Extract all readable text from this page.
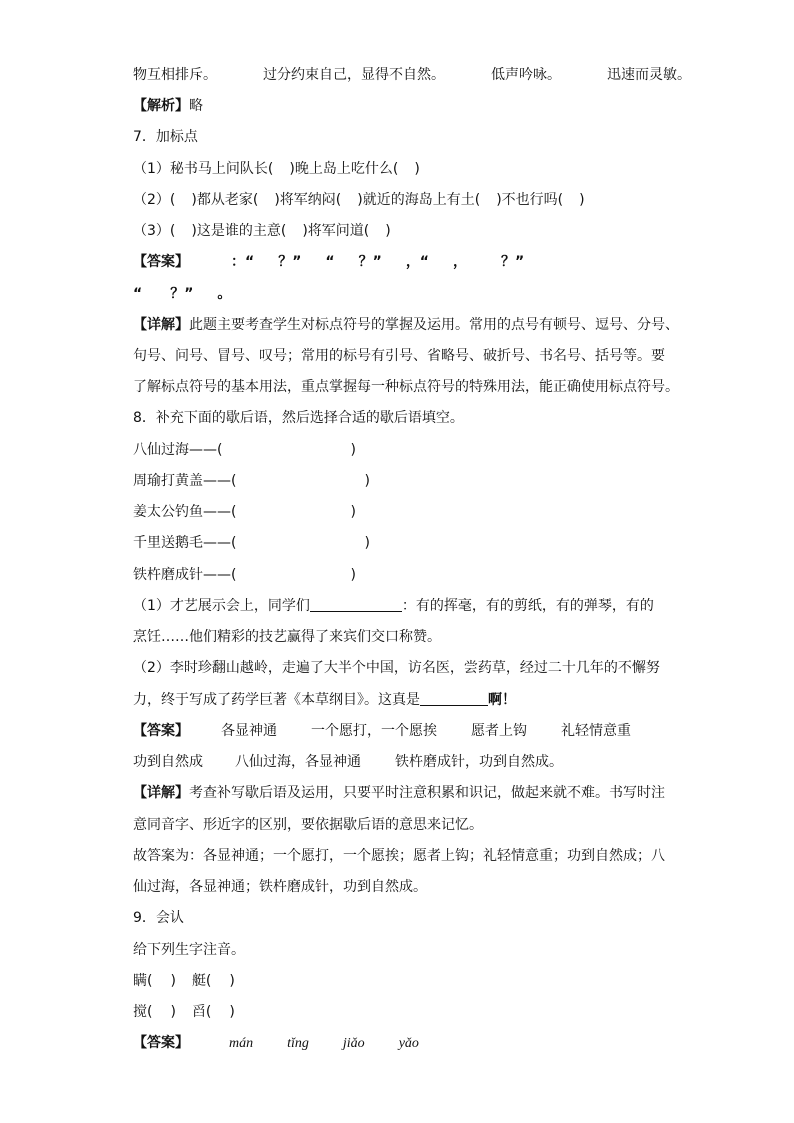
物互相排斥。	过分约束自己，显得不自然。	低声吟咏。	迅速而灵敏。
【解析】略
7．加标点
（1）秘书马上问队长( )晚上岛上吃什么( )
（2）( )都从老家( )将军纳闷( )就近的海岛上有土( )不也行吗( )
（3）( )这是谁的主意( )将军问道( )
【答案】	：“ ？” “ ？” ，“ ， ？”
“ ？” 。
【详解】此题主要考查学生对标点符号的掌握及运用。常用的点号有顿号、逗号、分号、
句号、问号、冒号、叹号；常用的标号有引号、省略号、破折号、书名号、括号等。要
了解标点符号的基本用法，重点掌握每一种标点符号的特殊用法，能正确使用标点符号。
8．补充下面的歇后语，然后选择合适的歇后语填空。
八仙过海——(	)
周瑜打黄盖——(	)
姜太公钓鱼——(	)
千里送鹅毛——(	)
铁杵磨成针——(	)
（1）才艺展示会上，同学们	：有的挥毫，有的剪纸，有的弹琴，有的
烹饪……他们精彩的技艺赢得了来宾们交口称赞。
（2）李时珍翻山越岭，走遍了大半个中国，访名医，尝药草，经过二十几年的不懈努
力，终于写成了药学巨著《本草纲目》。这真是	啊！
【答案】 各显神通 一个愿打，一个愿挨 愿者上钩 礼轻情意重
功到自然成 八仙过海，各显神通 铁杵磨成针，功到自然成。
【详解】考查补写歇后语及运用，只要平时注意积累和识记，做起来就不难。书写时注
意同音字、形近字的区别，要依据歇后语的意思来记忆。
故答案为：各显神通；一个愿打，一个愿挨；愿者上钩；礼轻情意重；功到自然成；八
仙过海，各显神通；铁杵磨成针，功到自然成。
9．会认
给下列生字注音。
瞒( ) 艇( )
搅( ) 舀( )
【答案】	mán tǐng jiǎo yǎo
